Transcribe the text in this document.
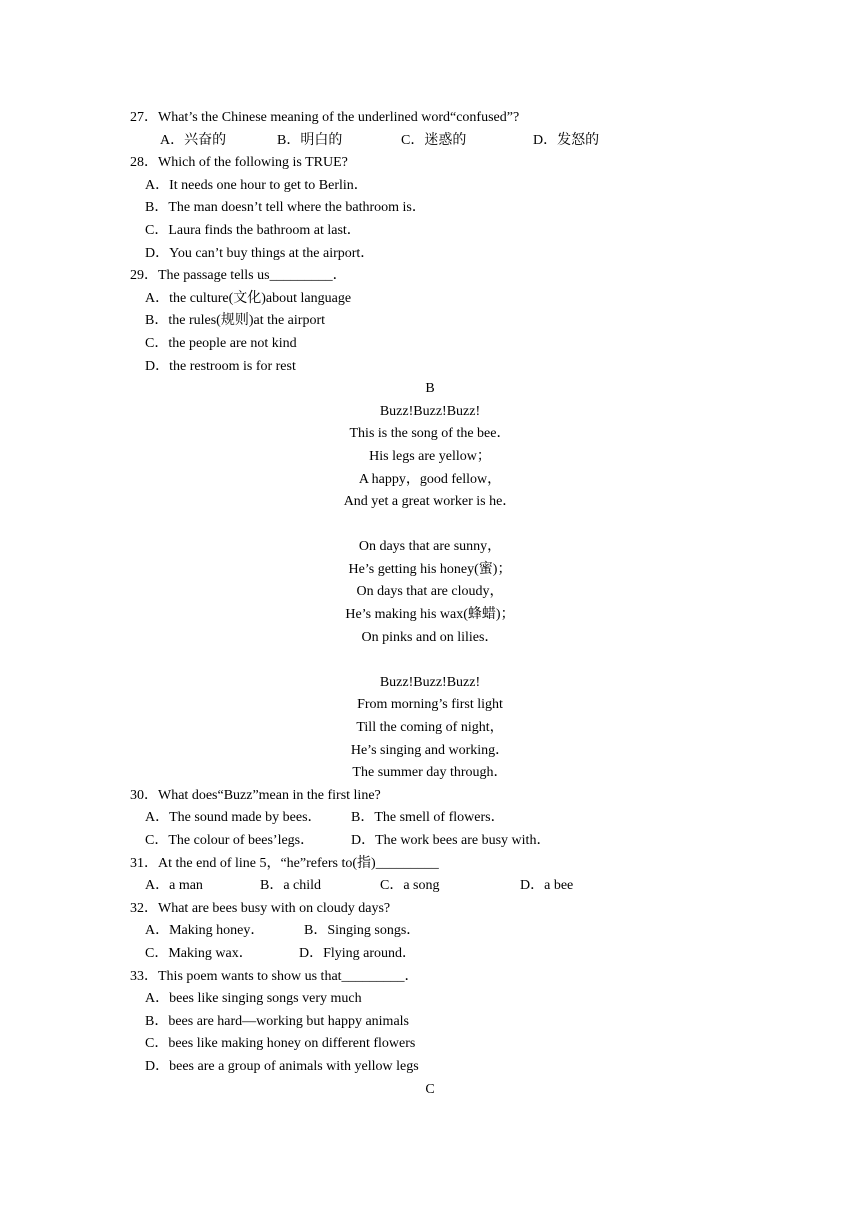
27．What’s the Chinese meaning of the underlined word“confused”?
A．兴奋的	B．明白的	C．迷惑的	D．发怒的
28．Which of the following is TRUE?
A．It needs one hour to get to Berlin．
B．The man doesn’t tell where the bathroom is．
C．Laura finds the bathroom at last．
D．You can’t buy things at the airport．
29．The passage tells us_________．
A．the culture(文化)about language
B．the rules(规则)at the airport
C．the people are not kind
D．the restroom is for rest
B
Buzz!Buzz!Buzz!
This is the song of the bee．
His legs are yellow；
A happy，good fellow，
And yet a great worker is he．
On days that are sunny，
He’s getting his honey(蜜)；
On days that are cloudy，
He’s making his wax(蜂蜡)；
On pinks and on lilies．
Buzz!Buzz!Buzz!
From morning’s first light
Till the coming of night，
He’s singing and working．
The summer day through．
30．What does“Buzz”mean in the first line?
A．The sound made by bees．	B．The smell of flowers．
C．The colour of bees’legs．	D．The work bees are busy with．
31．At the end of line 5，“he”refers to(指)_________
A．a man	B．a child	C．a song	D．a bee
32．What are bees busy with on cloudy days?
A．Making honey．	B．Singing songs．
C．Making wax．	D．Flying around．
33．This poem wants to show us that_________．
A．bees like singing songs very much
B．bees are hard—working but happy animals
C．bees like making honey on different flowers
D．bees are a group of animals with yellow legs
C
